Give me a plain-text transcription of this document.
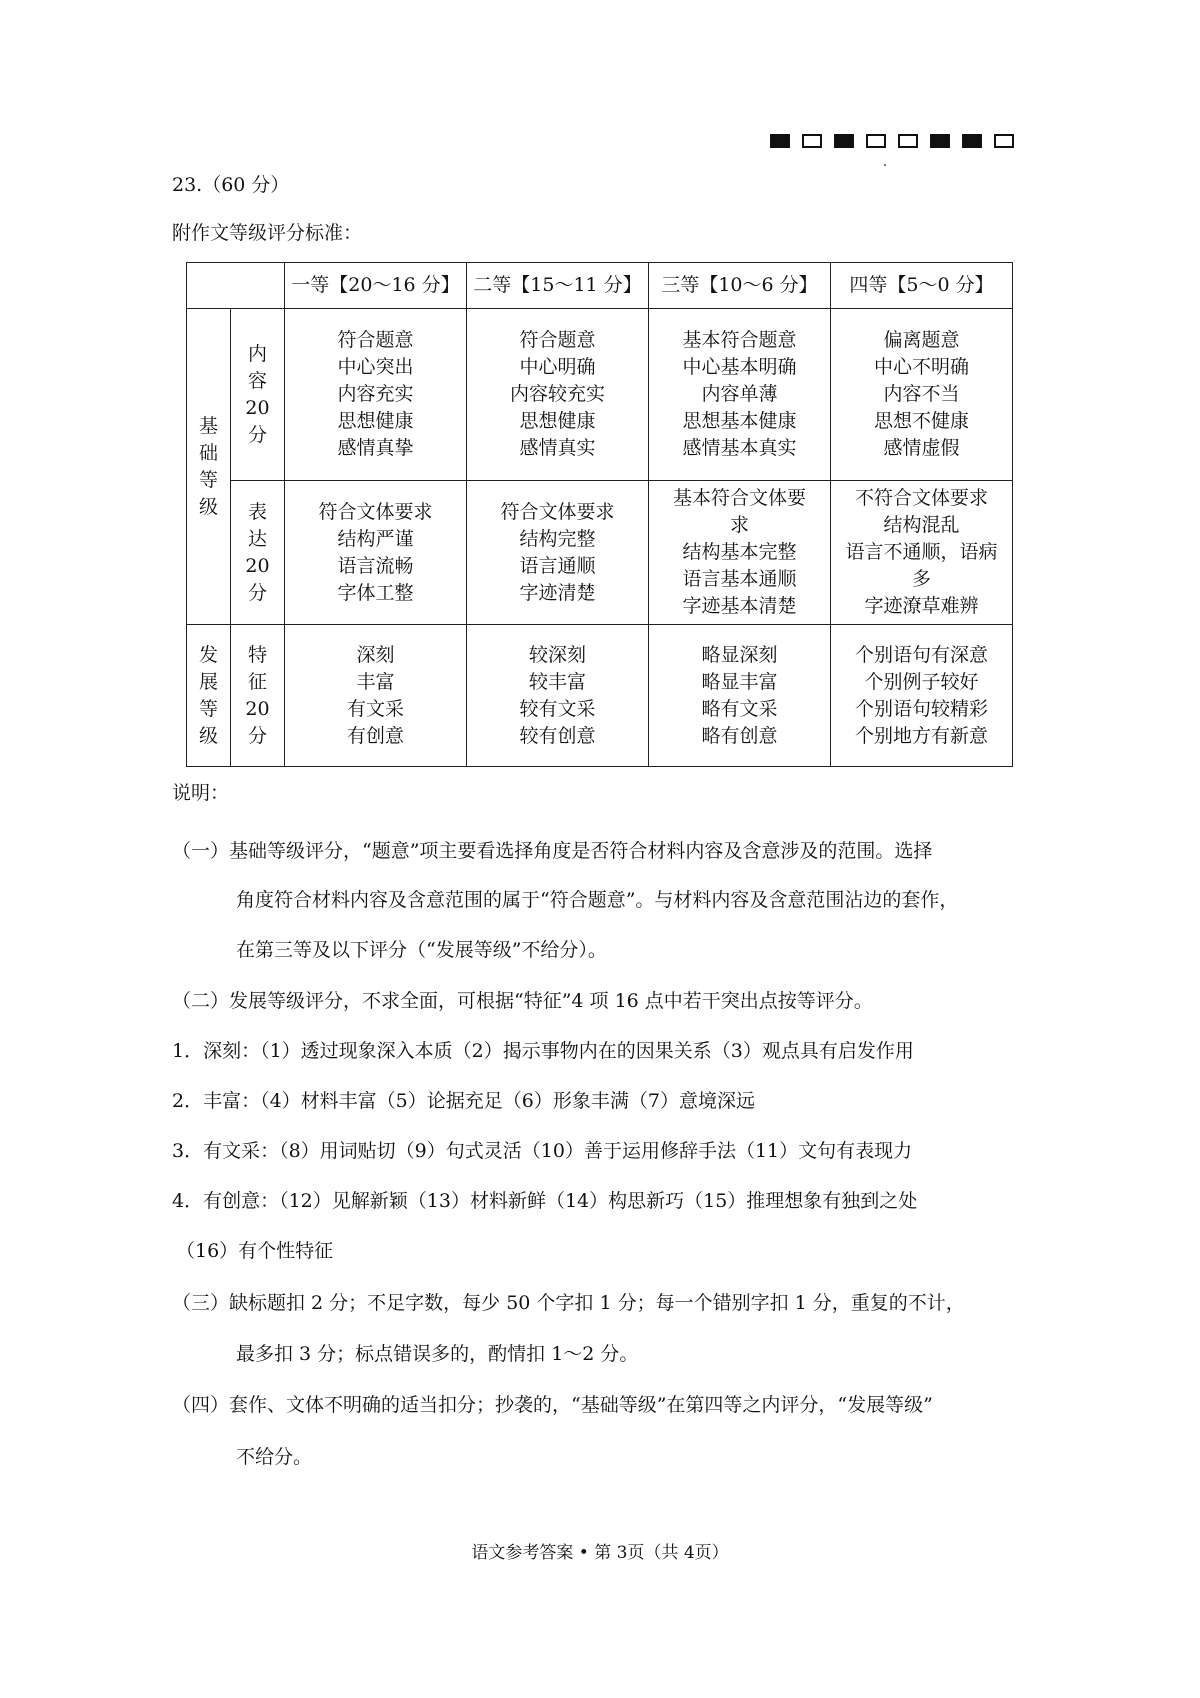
23.（60 分）
附作文等级评分标准：
		一等【20～16 分】	二等【15～11 分】	三等【10～6 分】	四等【5～0 分】

基
础
等
级	内
容
20
分	符合题意
中心突出
内容充实
思想健康
感情真挚	符合题意
中心明确
内容较充实
思想健康
感情真实	基本符合题意
中心基本明确
内容单薄
思想基本健康
感情基本真实	偏离题意
中心不明确
内容不当
思想不健康
感情虚假

	表
达
20
分	符合文体要求
结构严谨
语言流畅
字体工整	符合文体要求
结构完整
语言通顺
字迹清楚	基本符合文体要
求
结构基本完整
语言基本通顺
字迹基本清楚	不符合文体要求
结构混乱
语言不通顺，语病
多
字迹潦草难辨

发
展
等
级	特
征
20
分	深刻
丰富
有文采
有创意	较深刻
较丰富
较有文采
较有创意	略显深刻
略显丰富
略有文采
略有创意	个别语句有深意
个别例子较好
个别语句较精彩
个别地方有新意
说明：
（一）基础等级评分，“题意”项主要看选择角度是否符合材料内容及含意涉及的范围。选择
角度符合材料内容及含意范围的属于“符合题意”。与材料内容及含意范围沾边的套作，
在第三等及以下评分（“发展等级”不给分）。
（二）发展等级评分，不求全面，可根据“特征”4 项 16 点中若干突出点按等评分。
1．深刻：（1）透过现象深入本质（2）揭示事物内在的因果关系（3）观点具有启发作用
2．丰富：（4）材料丰富（5）论据充足（6）形象丰满（7）意境深远
3．有文采：（8）用词贴切（9）句式灵活（10）善于运用修辞手法（11）文句有表现力
4．有创意：（12）见解新颖（13）材料新鲜（14）构思新巧（15）推理想象有独到之处
（16）有个性特征
（三）缺标题扣 2 分；不足字数，每少 50 个字扣 1 分；每一个错别字扣 1 分，重复的不计，
最多扣 3 分；标点错误多的，酌情扣 1～2 分。
（四）套作、文体不明确的适当扣分；抄袭的，“基础等级”在第四等之内评分，“发展等级”
不给分。
语文参考答案 • 第 3页（共 4页）
